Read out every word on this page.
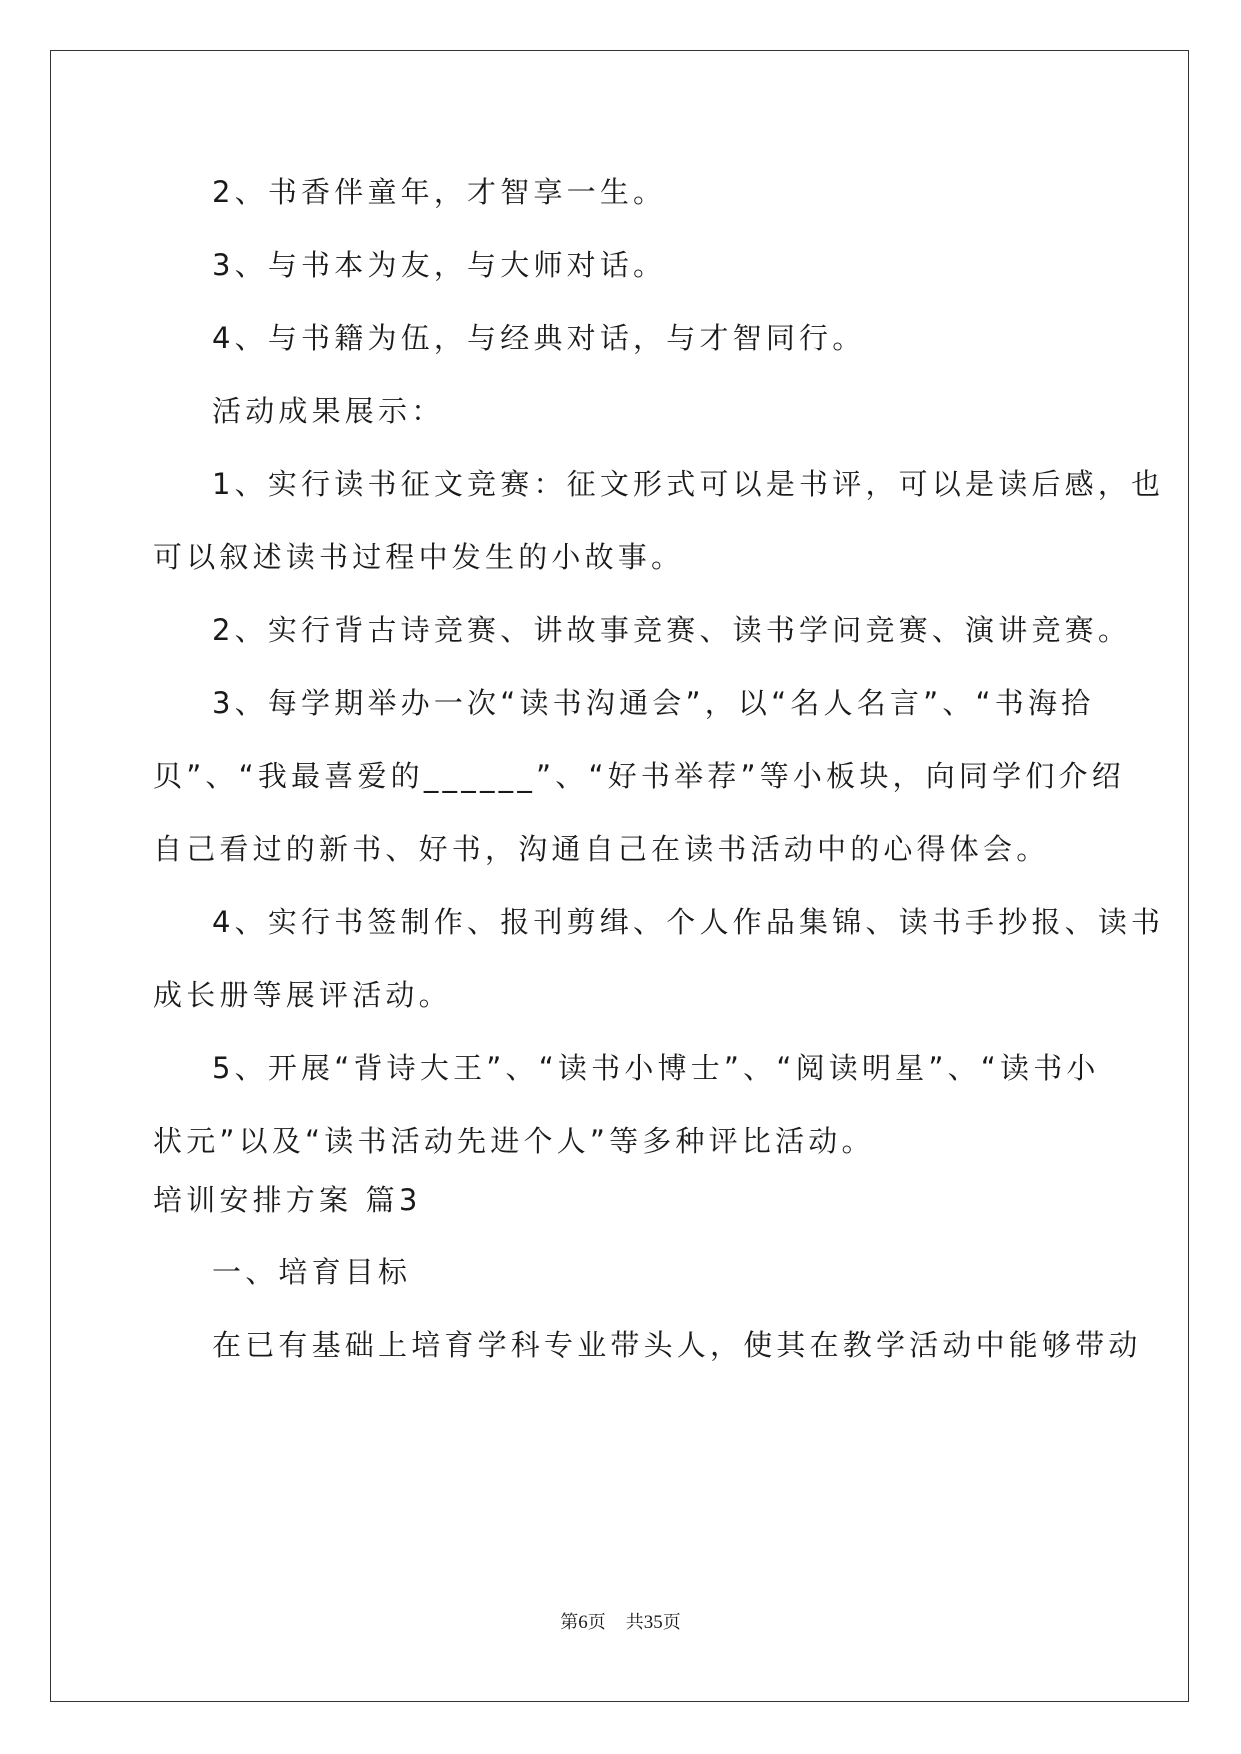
2、书香伴童年，才智享一生。
3、与书本为友，与大师对话。
4、与书籍为伍，与经典对话，与才智同行。
活动成果展示：
1、实行读书征文竞赛：征文形式可以是书评，可以是读后感，也
可以叙述读书过程中发生的小故事。
2、实行背古诗竞赛、讲故事竞赛、读书学问竞赛、演讲竞赛。
3、每学期举办一次“读书沟通会”，以“名人名言”、“书海拾
贝”、“我最喜爱的______”、“好书举荐”等小板块，向同学们介绍
自己看过的新书、好书，沟通自己在读书活动中的心得体会。
4、实行书签制作、报刊剪缉、个人作品集锦、读书手抄报、读书
成长册等展评活动。
5、开展“背诗大王”、“读书小博士”、“阅读明星”、“读书小
状元”以及“读书活动先进个人”等多种评比活动。
培训安排方案 篇3
一、培育目标
在已有基础上培育学科专业带头人，使其在教学活动中能够带动
第6页 共35页
